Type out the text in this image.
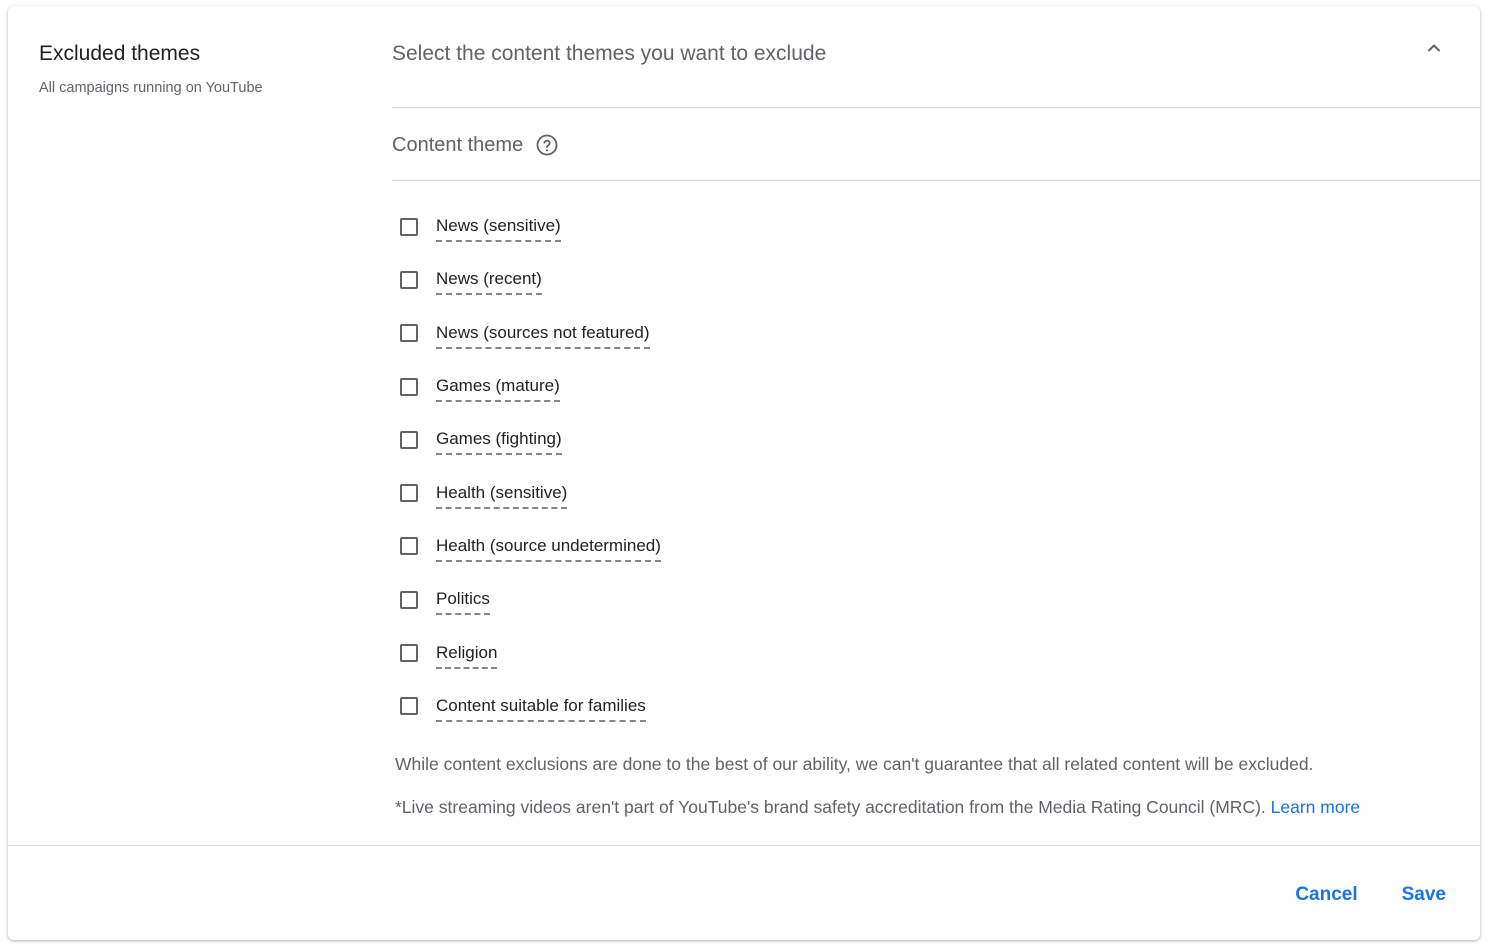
Excluded themes
All campaigns running on YouTube
Select the content themes you want to exclude
Content theme
News (sensitive)
News (recent)
News (sources not featured)
Games (mature)
Games (fighting)
Health (sensitive)
Health (source undetermined)
Politics
Religion
Content suitable for families
While content exclusions are done to the best of our ability, we can't guarantee that all related content will be excluded.
*Live streaming videos aren't part of YouTube's brand safety accreditation from the Media Rating Council (MRC). Learn more
Cancel	Save
